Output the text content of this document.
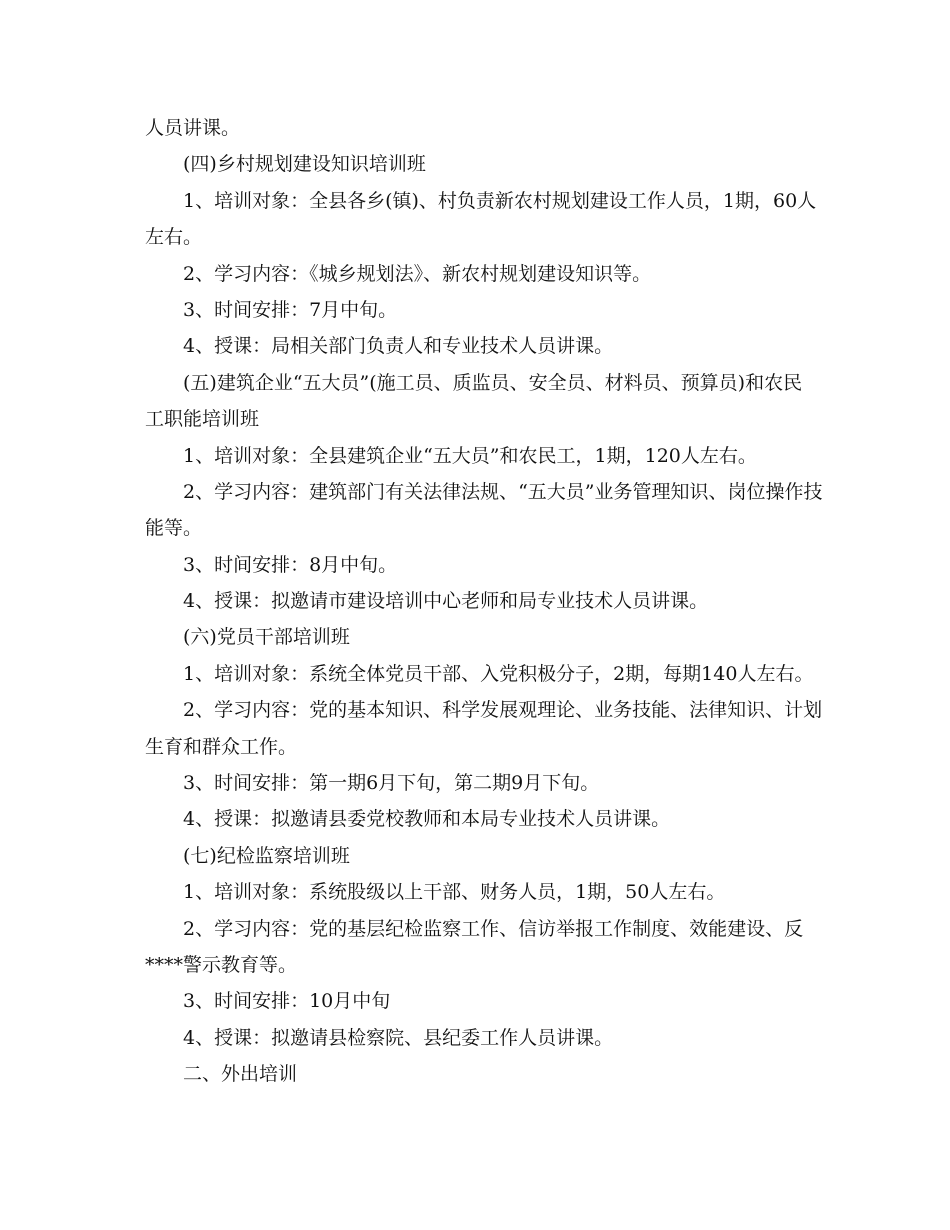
人员讲课。
(四)乡村规划建设知识培训班
1、培训对象：全县各乡(镇)、村负责新农村规划建设工作人员，1期，60人
左右。
2、学习内容：《城乡规划法》、新农村规划建设知识等。
3、时间安排：7月中旬。
4、授课：局相关部门负责人和专业技术人员讲课。
(五)建筑企业“五大员”(施工员、质监员、安全员、材料员、预算员)和农民
工职能培训班
1、培训对象：全县建筑企业“五大员”和农民工，1期，120人左右。
2、学习内容：建筑部门有关法律法规、“五大员”业务管理知识、岗位操作技
能等。
3、时间安排：8月中旬。
4、授课：拟邀请市建设培训中心老师和局专业技术人员讲课。
(六)党员干部培训班
1、培训对象：系统全体党员干部、入党积极分子，2期，每期140人左右。
2、学习内容：党的基本知识、科学发展观理论、业务技能、法律知识、计划
生育和群众工作。
3、时间安排：第一期6月下旬，第二期9月下旬。
4、授课：拟邀请县委党校教师和本局专业技术人员讲课。
(七)纪检监察培训班
1、培训对象：系统股级以上干部、财务人员，1期，50人左右。
2、学习内容：党的基层纪检监察工作、信访举报工作制度、效能建设、反
****警示教育等。
3、时间安排：10月中旬
4、授课：拟邀请县检察院、县纪委工作人员讲课。
二、外出培训
